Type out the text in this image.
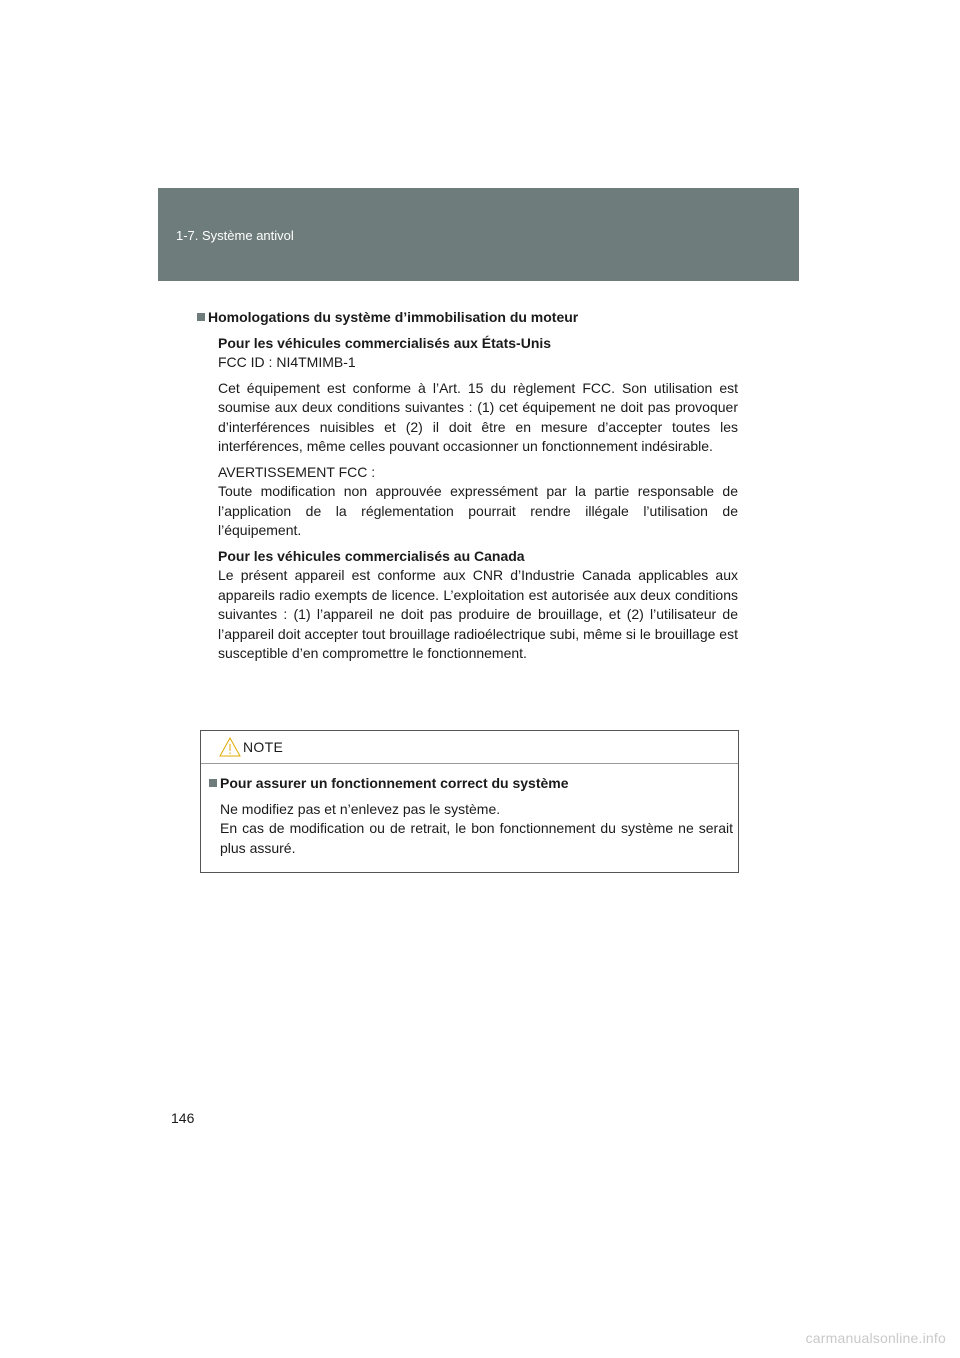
1-7. Système antivol
Homologations du système d’immobilisation du moteur

Pour les véhicules commercialisés aux États-Unis

FCC ID : NI4TMIMB-1

Cet équipement est conforme à l’Art. 15 du règlement FCC. Son utilisation est soumise aux deux conditions suivantes : (1) cet équipement ne doit pas provoquer d’interférences nuisibles et (2) il doit être en mesure d’accepter toutes les interférences, même celles pouvant occasionner un fonctionnement indésirable.

AVERTISSEMENT FCC :

Toute modification non approuvée expressément par la partie responsable de l’application de la réglementation pourrait rendre illégale l’utilisation de l’équipement.

Pour les véhicules commercialisés au Canada

Le présent appareil est conforme aux CNR d’Industrie Canada applicables aux appareils radio exempts de licence. L’exploitation est autorisée aux deux conditions suivantes : (1) l’appareil ne doit pas produire de brouillage, et (2) l’utilisateur de l’appareil doit accepter tout brouillage radioélectrique subi, même si le brouillage est susceptible d’en compromettre le fonctionnement.

NOTE
Pour assurer un fonctionnement correct du système

Ne modifiez pas et n’enlevez pas le système.

En cas de modification ou de retrait, le bon fonctionnement du système ne serait plus assuré.

146
carmanualsonline.info
